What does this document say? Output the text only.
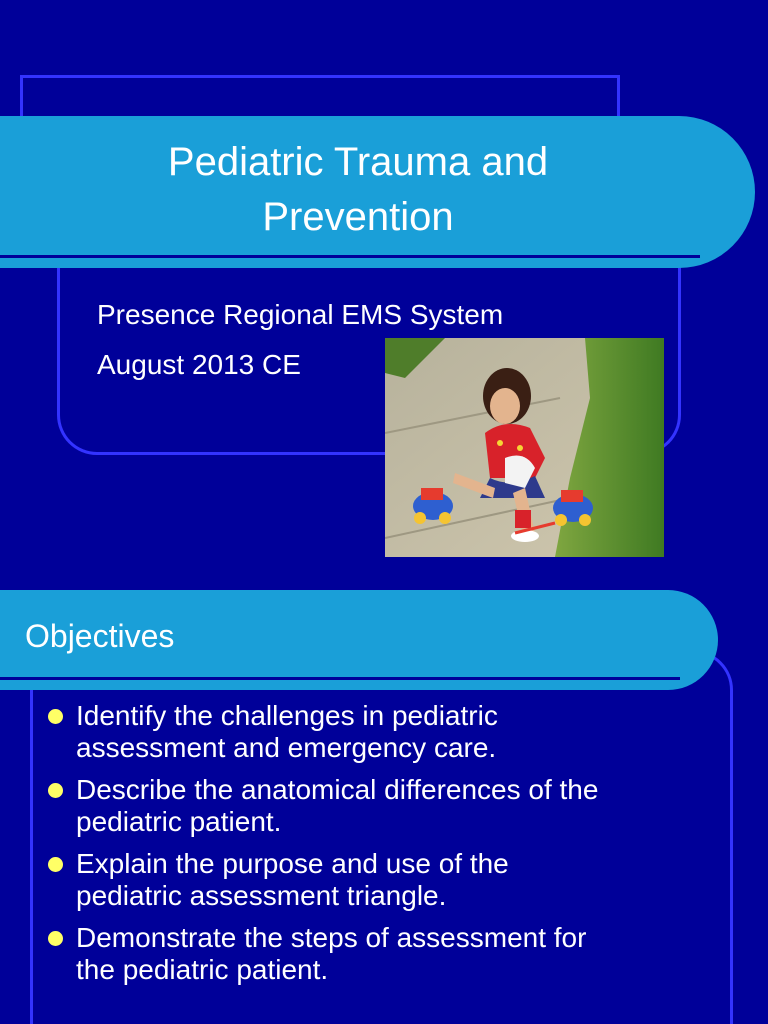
Pediatric Trauma and
Prevention
Presence Regional EMS System
August 2013 CE
Objectives
Identify the challenges in pediatric
assessment and emergency care.
Describe the anatomical differences of the
pediatric patient.
Explain the purpose and use of the
pediatric assessment triangle.
Demonstrate the steps of assessment for
the pediatric patient.
